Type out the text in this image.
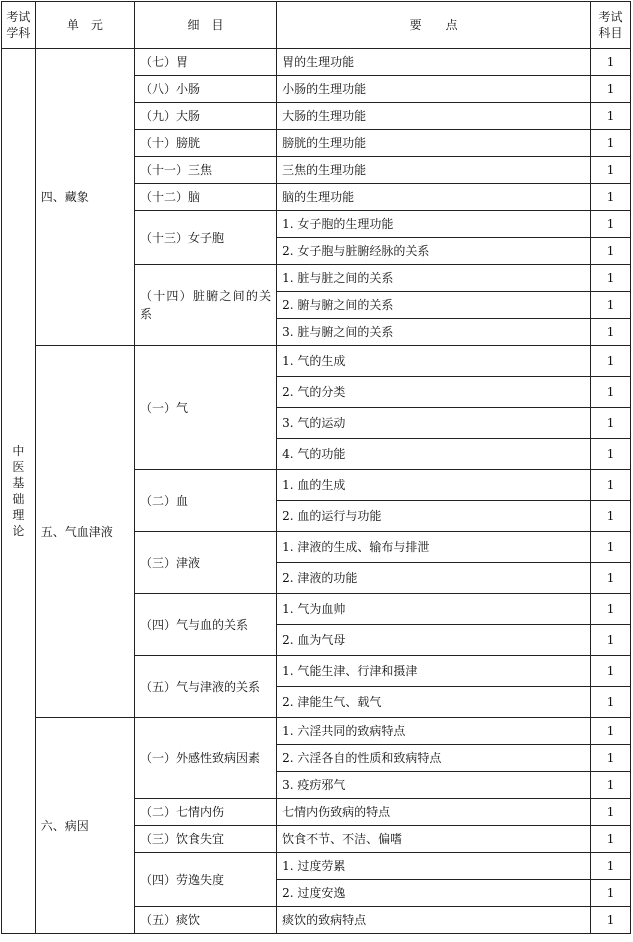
考试学科	单　元	细　目	要　　点	考试科目
中医基础理论	四、藏象	（七）胃	胃的生理功能	1
		（八）小肠	小肠的生理功能	1
		（九）大肠	大肠的生理功能	1
		（十）膀胱	膀胱的生理功能	1
		（十一）三焦	三焦的生理功能	1
		（十二）脑	脑的生理功能	1
		（十三）女子胞	1. 女子胞的生理功能	1
			2. 女子胞与脏腑经脉的关系	1
		（十四）脏腑之间的关系	1. 脏与脏之间的关系	1
			2. 腑与腑之间的关系	1
			3. 脏与腑之间的关系	1
	五、气血津液	（一）气	1. 气的生成	1
			2. 气的分类	1
			3. 气的运动	1
			4. 气的功能	1
		（二）血	1. 血的生成	1
			2. 血的运行与功能	1
		（三）津液	1. 津液的生成、输布与排泄	1
			2. 津液的功能	1
		（四）气与血的关系	1. 气为血帅	1
			2. 血为气母	1
		（五）气与津液的关系	1. 气能生津、行津和摄津	1
			2. 津能生气、载气	1
	六、病因	（一）外感性致病因素	1. 六淫共同的致病特点	1
			2. 六淫各自的性质和致病特点	1
			3. 疫疠邪气	1
		（二）七情内伤	七情内伤致病的特点	1
		（三）饮食失宜	饮食不节、不洁、偏嗜	1
		（四）劳逸失度	1. 过度劳累	1
			2. 过度安逸	1
		（五）痰饮	痰饮的致病特点	1
